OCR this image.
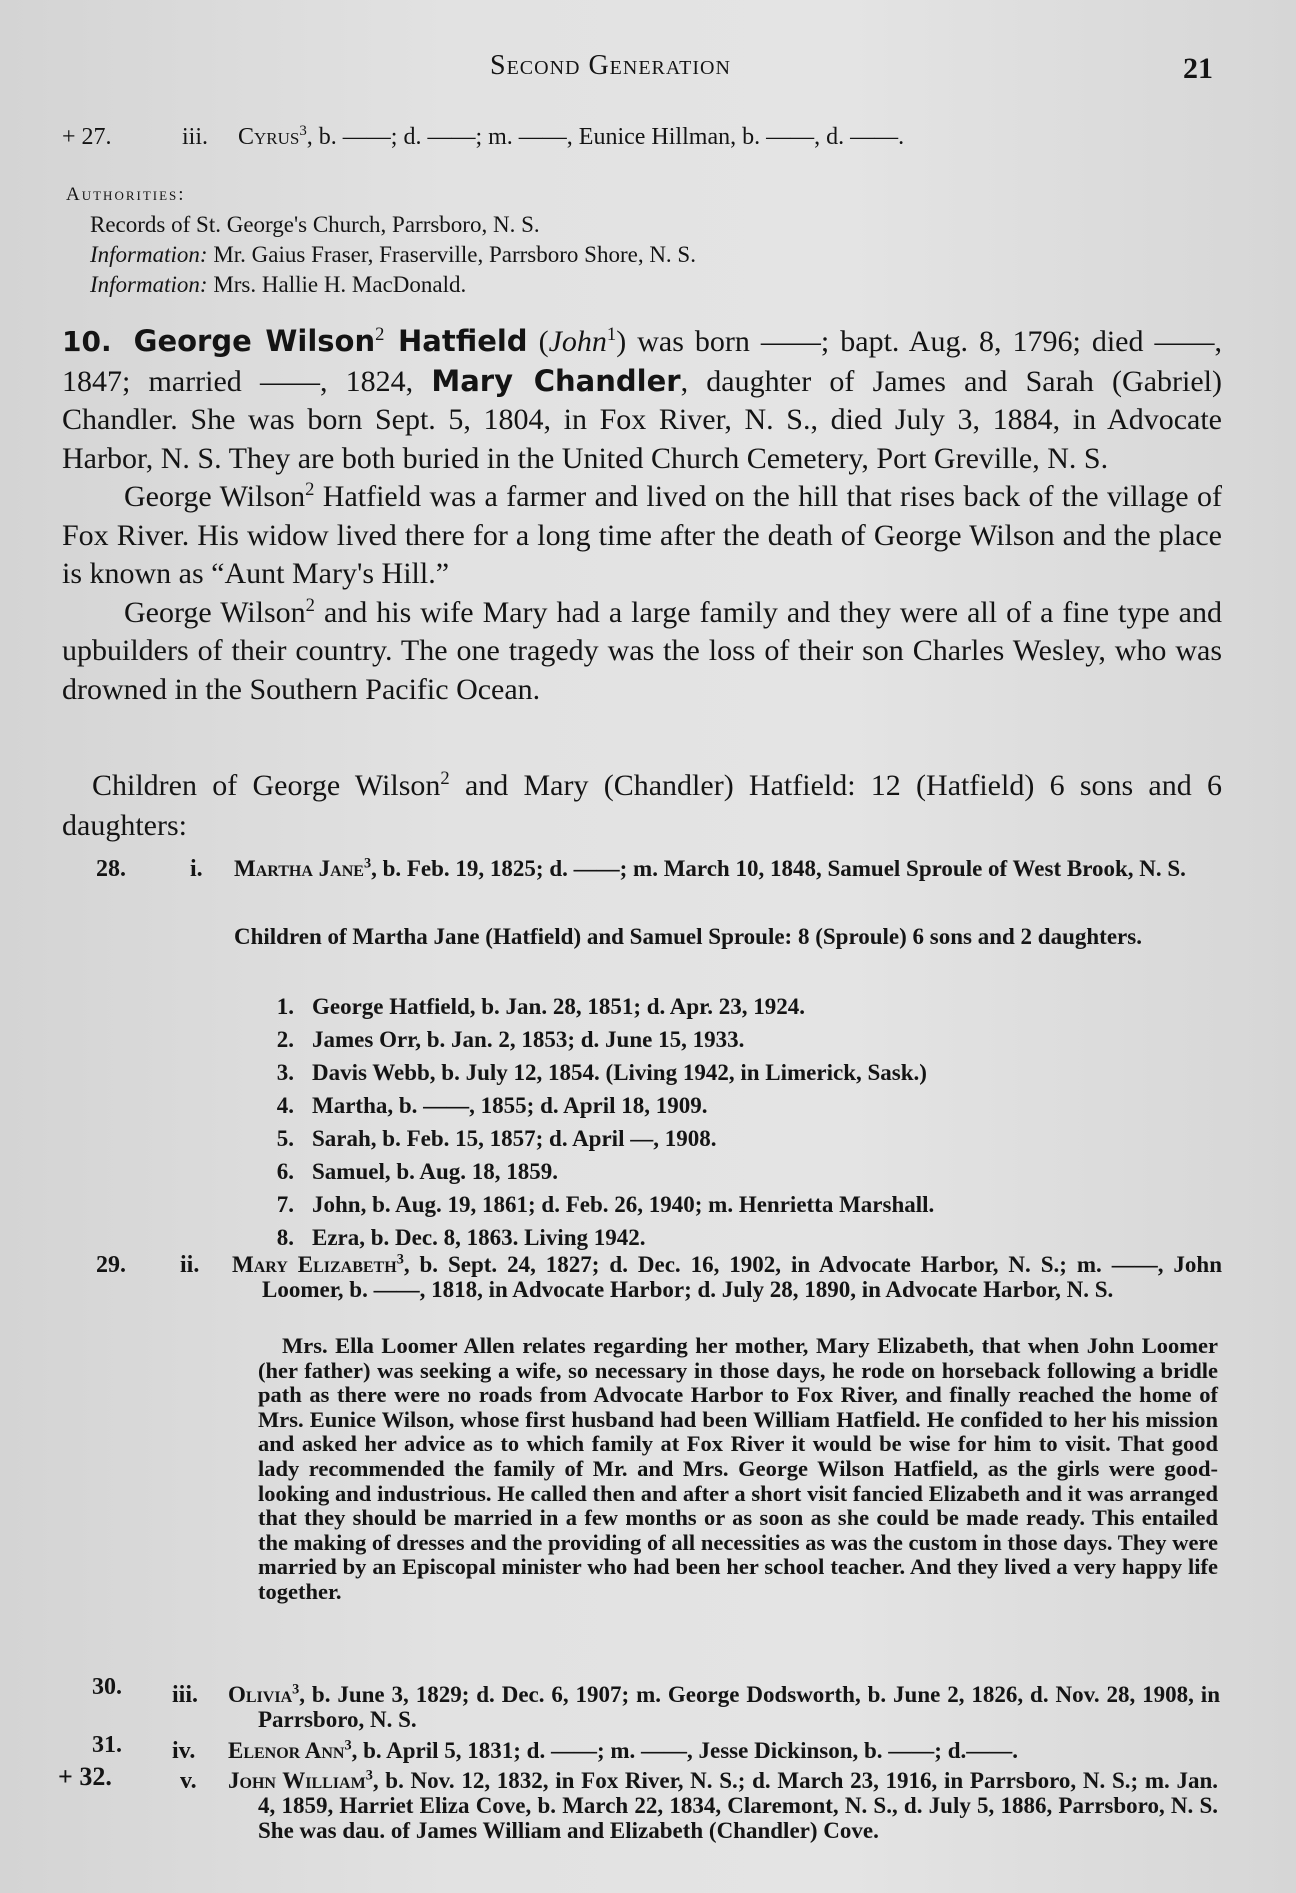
Second Generation	21
+ 27.	iii. Cyrus$^3$, b. ——; d. ——; m. ——, Eunice Hillman, b. ——, d. ——.
Authorities:
Records of St. George's Church, Parrsboro, N. S.
Information: Mr. Gaius Fraser, Fraserville, Parrsboro Shore, N. S.
Information: Mrs. Hallie H. MacDonald.

10. George Wilson$^2$ Hatfield (John$^1$) was born ——; bapt. Aug. 8, 1796; died ——, 1847; married ——, 1824, Mary Chandler, daughter of James and Sarah (Gabriel) Chandler. She was born Sept. 5, 1804, in Fox River, N. S., died July 3, 1884, in Advocate Harbor, N. S. They are both buried in the United Church Cemetery, Port Greville, N. S.

George Wilson$^2$ Hatfield was a farmer and lived on the hill that rises back of the village of Fox River. His widow lived there for a long time after the death of George Wilson and the place is known as “Aunt Mary's Hill.”

George Wilson$^2$ and his wife Mary had a large family and they were all of a fine type and upbuilders of their country. The one tragedy was the loss of their son Charles Wesley, who was drowned in the Southern Pacific Ocean.

Children of George Wilson$^2$ and Mary (Chandler) Hatfield: 12 (Hatfield) 6 sons and 6 daughters:

28.	i. Martha Jane$^3$, b. Feb. 19, 1825; d. ——; m. March 10, 1848, Samuel Sproule of West Brook, N. S.
Children of Martha Jane (Hatfield) and Samuel Sproule: 8 (Sproule) 6 sons and 2 daughters.
1. George Hatfield, b. Jan. 28, 1851; d. Apr. 23, 1924.
2. James Orr, b. Jan. 2, 1853; d. June 15, 1933.
3. Davis Webb, b. July 12, 1854. (Living 1942, in Limerick, Sask.)
4. Martha, b. ——, 1855; d. April 18, 1909.
5. Sarah, b. Feb. 15, 1857; d. April —, 1908.
6. Samuel, b. Aug. 18, 1859.
7. John, b. Aug. 19, 1861; d. Feb. 26, 1940; m. Henrietta Marshall.
8. Ezra, b. Dec. 8, 1863. Living 1942.
29. ii. Mary Elizabeth$^3$, b. Sept. 24, 1827; d. Dec. 16, 1902, in Advocate Harbor, N. S.; m. ——, John Loomer, b. ——, 1818, in Advocate Harbor; d. July 28, 1890, in Advocate Harbor, N. S.

Mrs. Ella Loomer Allen relates regarding her mother, Mary Elizabeth, that when John Loomer (her father) was seeking a wife, so necessary in those days, he rode on horseback following a bridle path as there were no roads from Advocate Harbor to Fox River, and finally reached the home of Mrs. Eunice Wilson, whose first husband had been William Hatfield. He confided to her his mission and asked her advice as to which family at Fox River it would be wise for him to visit. That good lady recommended the family of Mr. and Mrs. George Wilson Hatfield, as the girls were good-looking and industrious. He called then and after a short visit fancied Elizabeth and it was arranged that they should be married in a few months or as soon as she could be made ready. This entailed the making of dresses and the providing of all necessities as was the custom in those days. They were married by an Episcopal minister who had been her school teacher. And they lived a very happy life together.

30. iii. Olivia$^3$, b. June 3, 1829; d. Dec. 6, 1907; m. George Dodsworth, b. June 2, 1826, d. Nov. 28, 1908, in Parrsboro, N. S.
31. iv. Elenor Ann$^3$, b. April 5, 1831; d. ——; m. ——, Jesse Dickinson, b. ——; d.——.
+ 32.	v. John William$^3$, b. Nov. 12, 1832, in Fox River, N. S.; d. March 23, 1916, in Parrsboro, N. S.; m. Jan. 4, 1859, Harriet Eliza Cove, b. March 22, 1834, Claremont, N. S., d. July 5, 1886, Parrsboro, N. S. She was dau. of James William and Elizabeth (Chandler) Cove.
